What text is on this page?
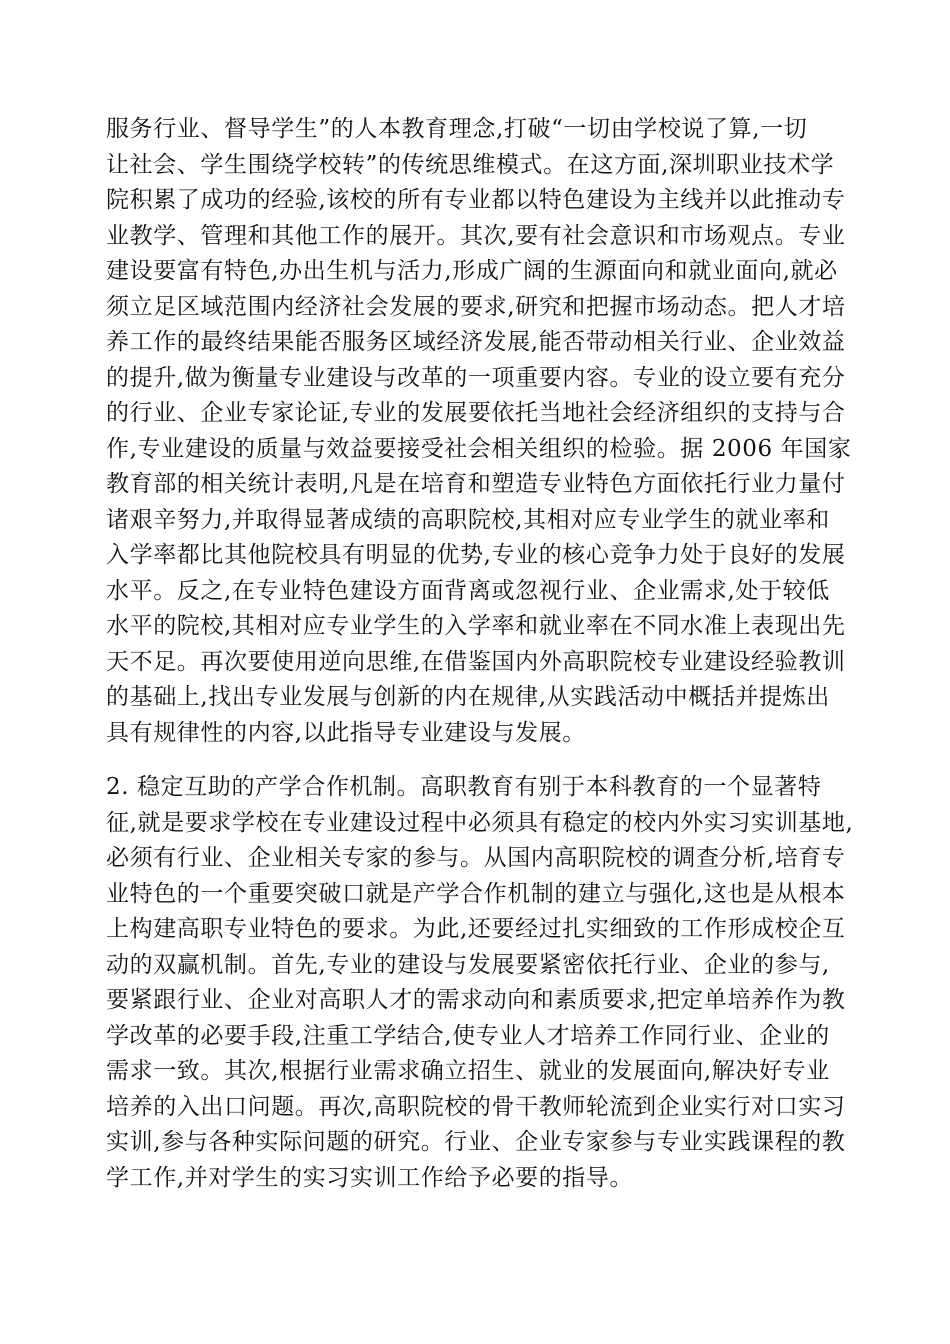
服务行业、督导学生”的人本教育理念,打破“一切由学校说了算,一切
让社会、学生围绕学校转”的传统思维模式。在这方面,深圳职业技术学
院积累了成功的经验,该校的所有专业都以特色建设为主线并以此推动专
业教学、管理和其他工作的展开。其次,要有社会意识和市场观点。专业
建设要富有特色,办出生机与活力,形成广阔的生源面向和就业面向,就必
须立足区域范围内经济社会发展的要求,研究和把握市场动态。把人才培
养工作的最终结果能否服务区域经济发展,能否带动相关行业、企业效益
的提升,做为衡量专业建设与改革的一项重要内容。专业的设立要有充分
的行业、企业专家论证,专业的发展要依托当地社会经济组织的支持与合
作,专业建设的质量与效益要接受社会相关组织的检验。据 2006 年国家
教育部的相关统计表明,凡是在培育和塑造专业特色方面依托行业力量付
诸艰辛努力,并取得显著成绩的高职院校,其相对应专业学生的就业率和
入学率都比其他院校具有明显的优势,专业的核心竞争力处于良好的发展
水平。反之,在专业特色建设方面背离或忽视行业、企业需求,处于较低
水平的院校,其相对应专业学生的入学率和就业率在不同水准上表现出先
天不足。再次要使用逆向思维,在借鉴国内外高职院校专业建设经验教训
的基础上,找出专业发展与创新的内在规律,从实践活动中概括并提炼出
具有规律性的内容,以此指导专业建设与发展。
2. 稳定互助的产学合作机制。高职教育有别于本科教育的一个显著特
征,就是要求学校在专业建设过程中必须具有稳定的校内外实习实训基地,
必须有行业、企业相关专家的参与。从国内高职院校的调查分析,培育专
业特色的一个重要突破口就是产学合作机制的建立与强化,这也是从根本
上构建高职专业特色的要求。为此,还要经过扎实细致的工作形成校企互
动的双赢机制。首先,专业的建设与发展要紧密依托行业、企业的参与,
要紧跟行业、企业对高职人才的需求动向和素质要求,把定单培养作为教
学改革的必要手段,注重工学结合,使专业人才培养工作同行业、企业的
需求一致。其次,根据行业需求确立招生、就业的发展面向,解决好专业
培养的入出口问题。再次,高职院校的骨干教师轮流到企业实行对口实习
实训,参与各种实际问题的研究。行业、企业专家参与专业实践课程的教
学工作,并对学生的实习实训工作给予必要的指导。
